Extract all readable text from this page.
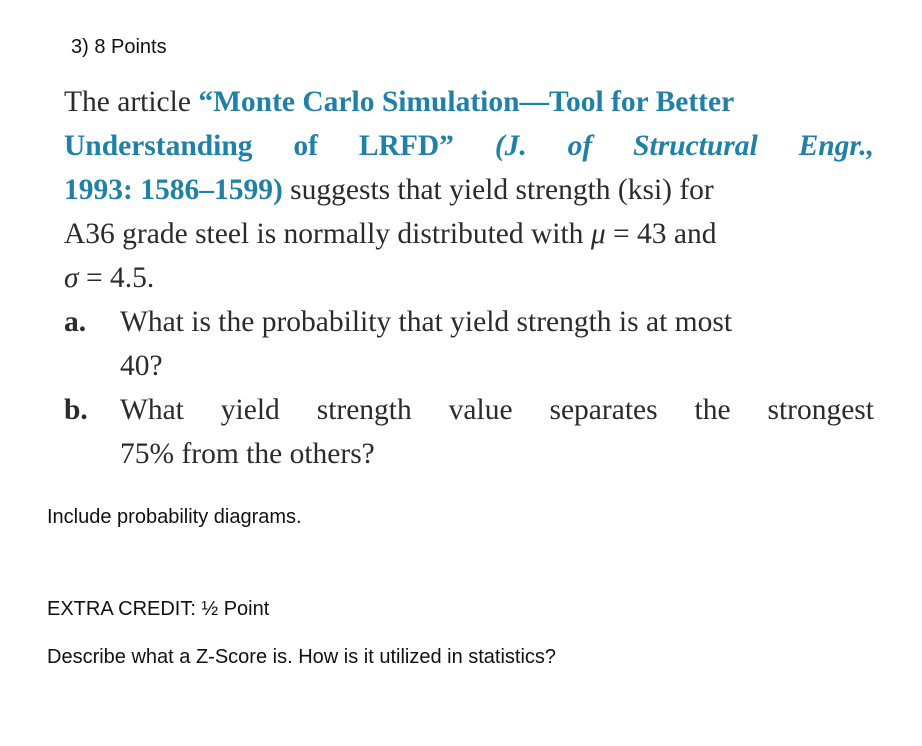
3) 8 Points
The article “Monte Carlo Simulation—Tool for Better
Understanding of LRFD” (J. of Structural Engr.,
1993: 1586–1599) suggests that yield strength (ksi) for
A36 grade steel is normally distributed with μ = 43 and
σ = 4.5.
a. What is the probability that yield strength is at most
40?
b. What yield strength value separates the strongest
75% from the others?
Include probability diagrams.
EXTRA CREDIT: ½ Point
Describe what a Z-Score is. How is it utilized in statistics?
